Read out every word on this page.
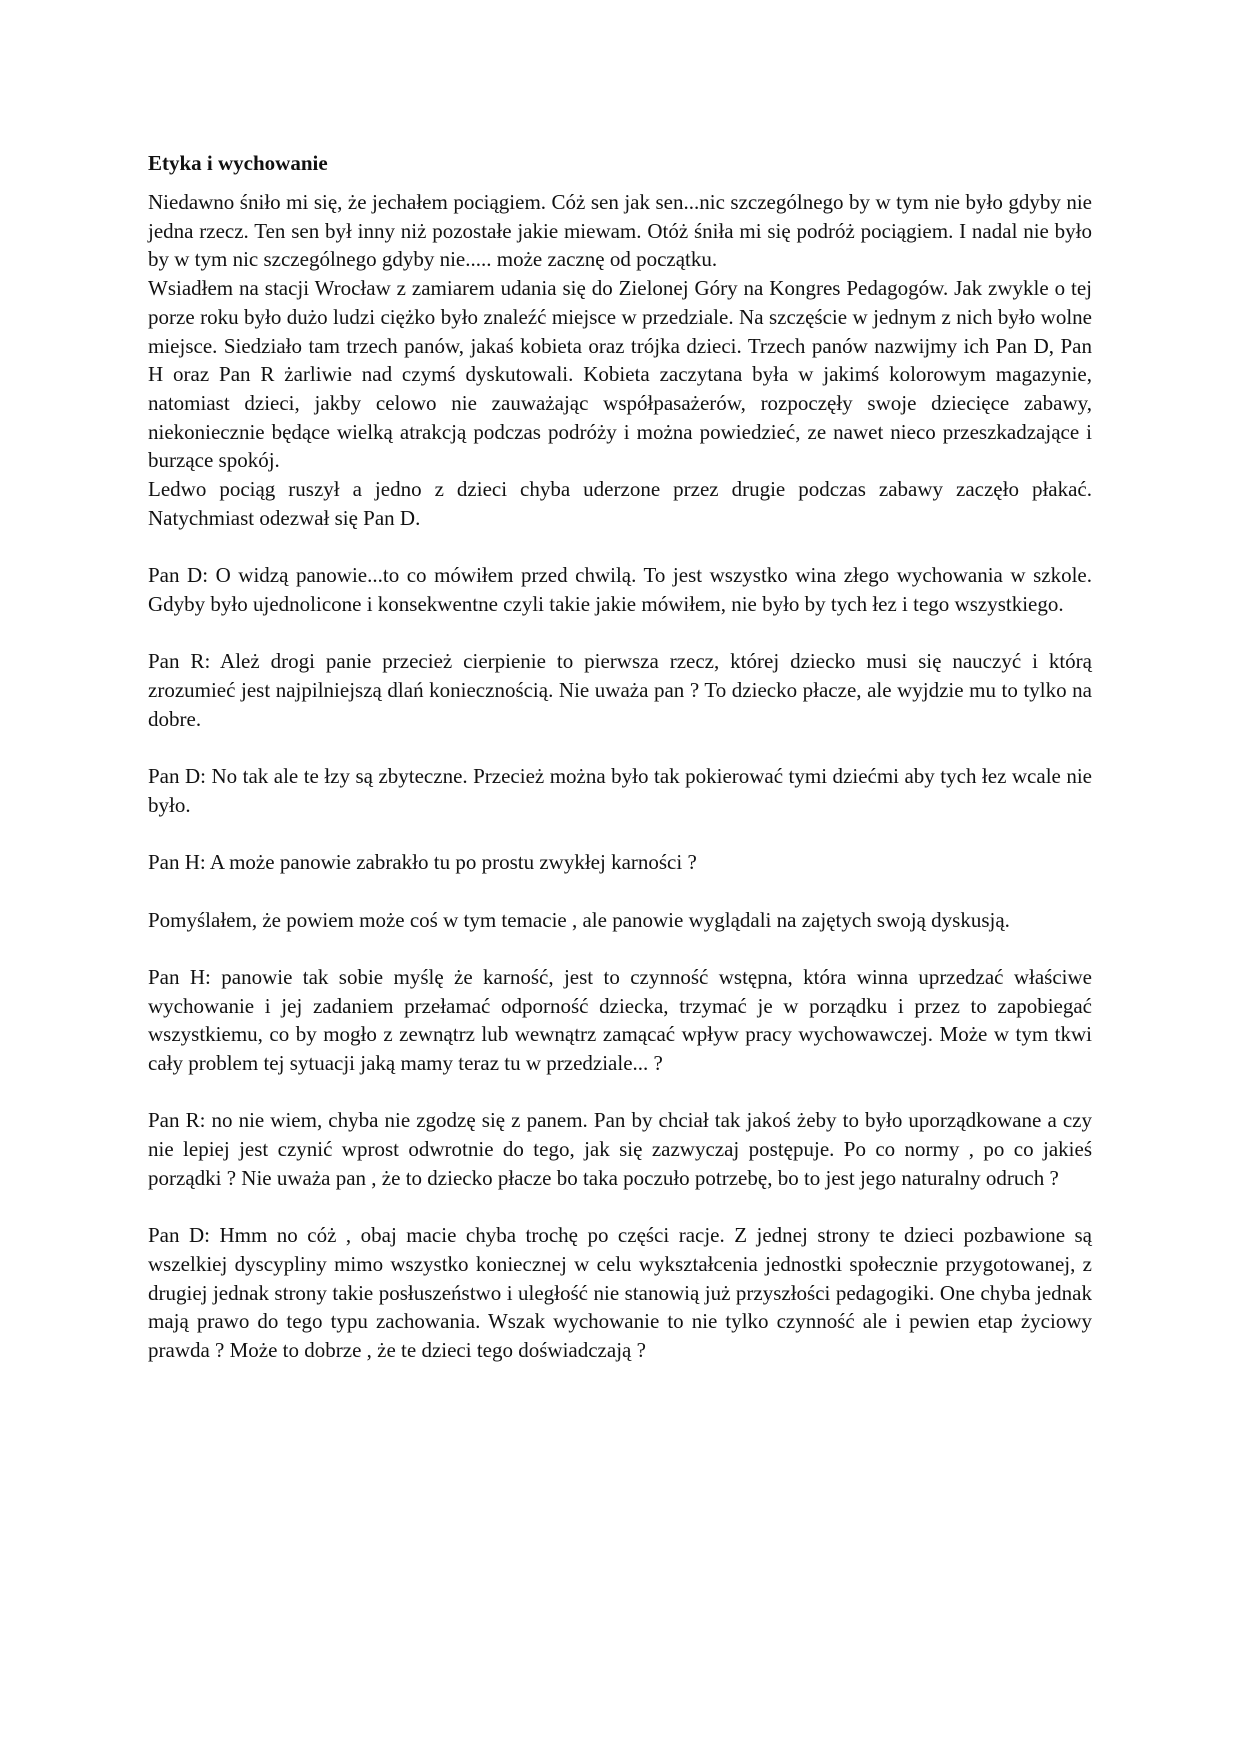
Etyka i wychowanie

Niedawno śniło mi się, że jechałem pociągiem. Cóż sen jak sen...nic szczególnego by w tym nie było gdyby nie jedna rzecz. Ten sen był inny niż pozostałe jakie miewam. Otóż śniła mi się podróż pociągiem. I nadal nie było by w tym nic szczególnego gdyby nie..... może zacznę od początku.

Wsiadłem na stacji Wrocław z zamiarem udania się do Zielonej Góry na Kongres Pedagogów. Jak zwykle o tej porze roku było dużo ludzi ciężko było znaleźć miejsce w przedziale. Na szczęście w jednym z nich było wolne miejsce. Siedziało tam trzech panów, jakaś kobieta oraz trójka dzieci. Trzech panów nazwijmy ich Pan D, Pan H oraz Pan R żarliwie nad czymś dyskutowali. Kobieta zaczytana była w jakimś kolorowym magazynie, natomiast dzieci, jakby celowo nie zauważając współpasażerów, rozpoczęły swoje dziecięce zabawy, niekoniecznie będące wielką atrakcją podczas podróży i można powiedzieć, ze nawet nieco przeszkadzające i burzące spokój.

Ledwo pociąg ruszył a jedno z dzieci chyba uderzone przez drugie podczas zabawy zaczęło płakać. Natychmiast odezwał się Pan D.

Pan D: O widzą panowie...to co mówiłem przed chwilą. To jest wszystko wina złego wychowania w szkole. Gdyby było ujednolicone i konsekwentne czyli takie jakie mówiłem, nie było by tych łez i tego wszystkiego.

Pan R: Ależ drogi panie przecież cierpienie to pierwsza rzecz, której dziecko musi się nauczyć i którą zrozumieć jest najpilniejszą dlań koniecznością. Nie uważa pan ? To dziecko płacze, ale wyjdzie mu to tylko na dobre.

Pan D: No tak ale te łzy są zbyteczne. Przecież można było tak pokierować tymi dziećmi aby tych łez wcale nie było.

Pan H: A może panowie zabrakło tu po prostu zwykłej karności ?

Pomyślałem, że powiem może coś w tym temacie , ale panowie wyglądali na zajętych swoją dyskusją.

Pan H: panowie tak sobie myślę że karność, jest to czynność wstępna, która winna uprzedzać właściwe wychowanie i jej zadaniem przełamać odporność dziecka, trzymać je w porządku i przez to zapobiegać wszystkiemu, co by mogło z zewnątrz lub wewnątrz zamącać wpływ pracy wychowawczej. Może w tym tkwi cały problem tej sytuacji jaką mamy teraz tu w przedziale... ?

Pan R: no nie wiem, chyba nie zgodzę się z panem. Pan by chciał tak jakoś żeby to było uporządkowane a czy nie lepiej jest czynić wprost odwrotnie do tego, jak się zazwyczaj postępuje. Po co normy , po co jakieś porządki ? Nie uważa pan , że to dziecko płacze bo taka poczuło potrzebę, bo to jest jego naturalny odruch ?

Pan D: Hmm no cóż , obaj macie chyba trochę po części racje. Z jednej strony te dzieci pozbawione są wszelkiej dyscypliny mimo wszystko koniecznej w celu wykształcenia jednostki społecznie przygotowanej, z drugiej jednak strony takie posłuszeństwo i uległość nie stanowią już przyszłości pedagogiki. One chyba jednak mają prawo do tego typu zachowania. Wszak wychowanie to nie tylko czynność ale i pewien etap życiowy prawda ? Może to dobrze , że te dzieci tego doświadczają ?
